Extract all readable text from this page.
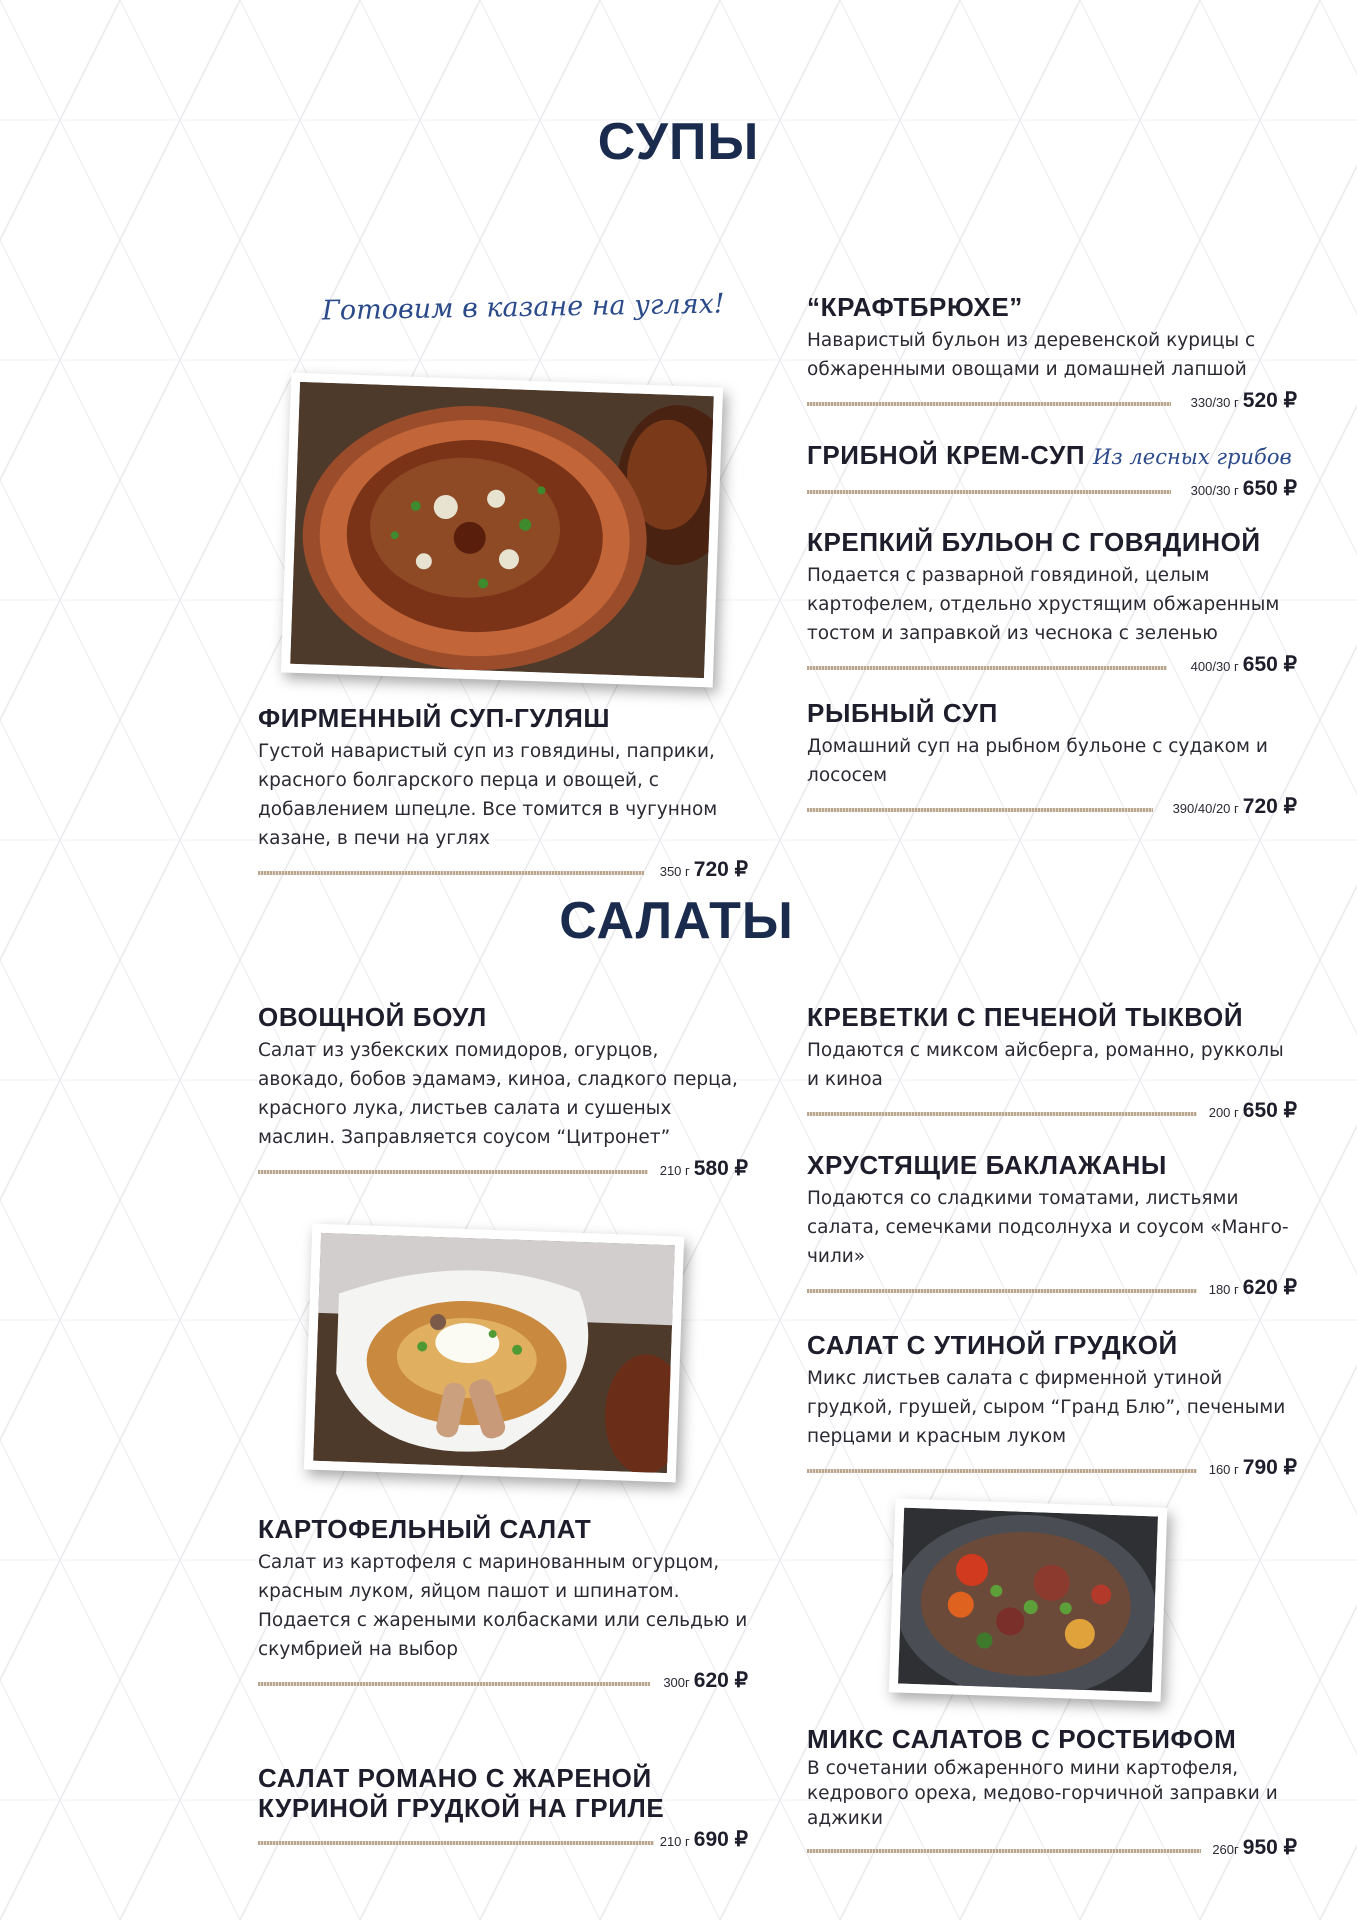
СУПЫ
Готовим в казане на углях!
ФИРМЕННЫЙ СУП-ГУЛЯШ
Густой наваристый суп из говядины, паприки, красного болгарского перца и овощей, с добавлением шпецле. Все томится в чугунном казане, в печи на углях
350 г 720 ₽
“КРАФТБРЮХЕ”
Наваристый бульон из деревенской курицы с обжаренными овощами и домашней лапшой
330/30 г 520 ₽
ГРИБНОЙ КРЕМ-СУП Из лесных грибов
300/30 г 650 ₽
КРЕПКИЙ БУЛЬОН С ГОВЯДИНОЙ
Подается с разварной говядиной, целым картофелем, отдельно хрустящим обжаренным тостом и заправкой из чеснока с зеленью
400/30 г 650 ₽
РЫБНЫЙ СУП
Домашний суп на рыбном бульоне с судаком и лососем
390/40/20 г 720 ₽
САЛАТЫ
ОВОЩНОЙ БОУЛ
Салат из узбекских помидоров, огурцов, авокадо, бобов эдамамэ, киноа, сладкого перца, красного лука, листьев салата и сушеных маслин. Заправляется соусом “Цитронет”
210 г 580 ₽
КАРТОФЕЛЬНЫЙ САЛАТ
Салат из картофеля с маринованным огурцом, красным луком, яйцом пашот и шпинатом. Подается с жареными колбасками или сельдью и скумбрией на выбор
300г 620 ₽
САЛАТ РОМАНО С ЖАРЕНОЙ КУРИНОЙ ГРУДКОЙ НА ГРИЛЕ
210 г 690 ₽
КРЕВЕТКИ С ПЕЧЕНОЙ ТЫКВОЙ
Подаются с миксом айсберга, романно, рукколы и киноа
200 г 650 ₽
ХРУСТЯЩИЕ БАКЛАЖАНЫ
Подаются со сладкими томатами, листьями салата, семечками подсолнуха и соусом «Манго-чили»
180 г 620 ₽
САЛАТ С УТИНОЙ ГРУДКОЙ
Микс листьев салата с фирменной утиной грудкой, грушей, сыром “Гранд Блю”, печеными перцами и красным луком
160 г 790 ₽
МИКС САЛАТОВ С РОСТБИФОМ
В сочетании обжаренного мини картофеля, кедрового ореха, медово-горчичной заправки и аджики
260г 950 ₽
